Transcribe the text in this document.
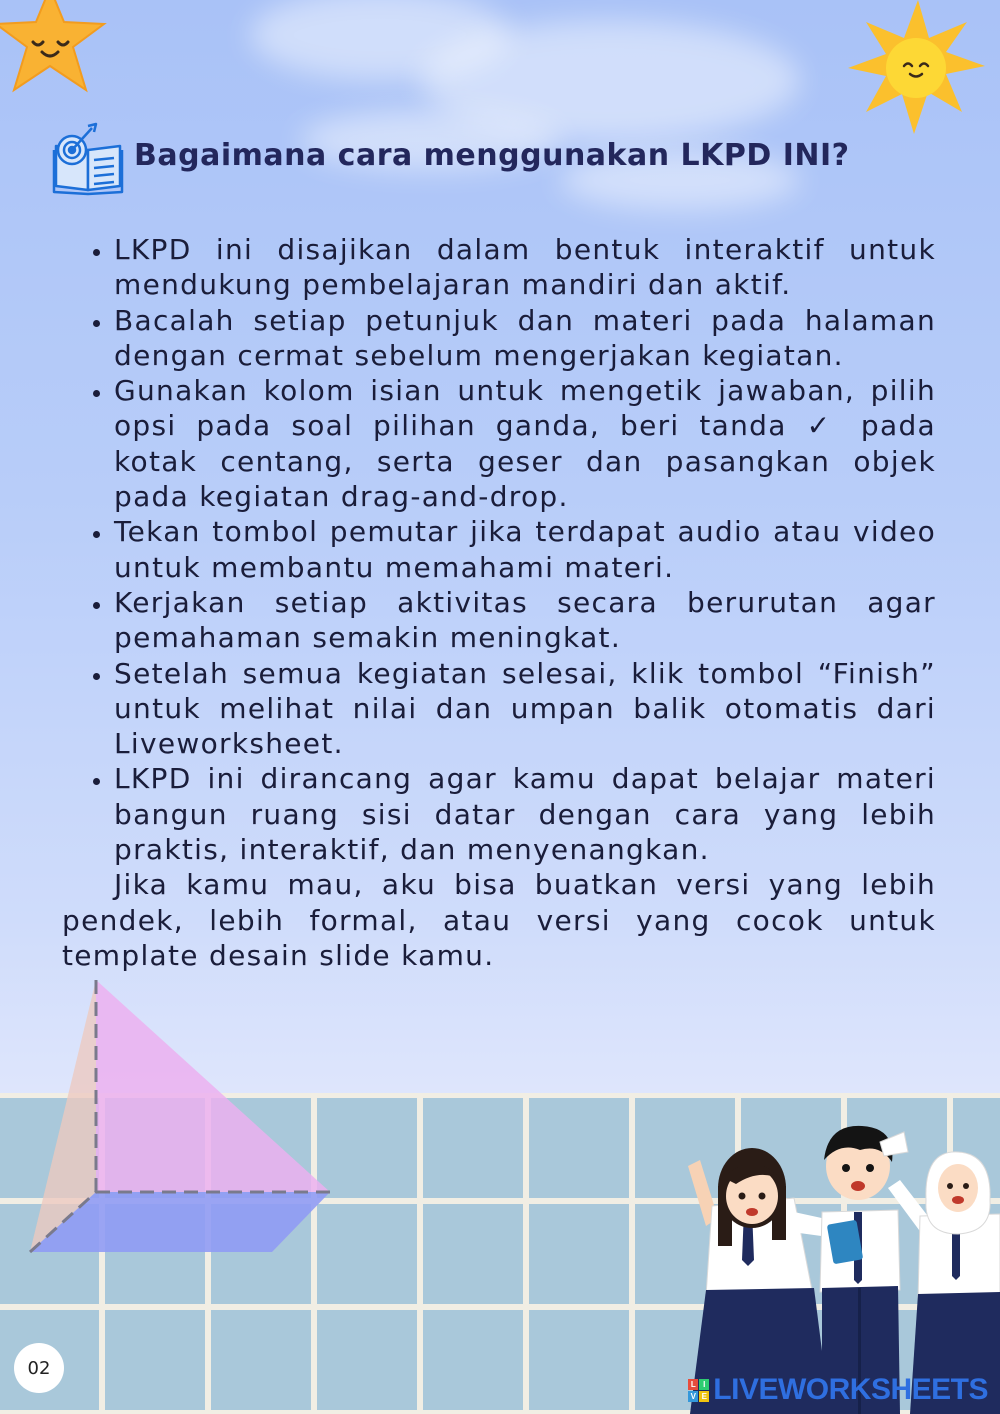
Bagaimana cara menggunakan LKPD INI?
• LKPD ini disajikan dalam bentuk interaktif untuk mendukung pembelajaran mandiri dan aktif.
• Bacalah setiap petunjuk dan materi pada halaman dengan cermat sebelum mengerjakan kegiatan.
• Gunakan kolom isian untuk mengetik jawaban, pilih opsi pada soal pilihan ganda, beri tanda ✓ pada kotak centang, serta geser dan pasangkan objek pada kegiatan drag-and-drop.
• Tekan tombol pemutar jika terdapat audio atau video untuk membantu memahami materi.
• Kerjakan setiap aktivitas secara berurutan agar pemahaman semakin meningkat.
• Setelah semua kegiatan selesai, klik tombol “Finish” untuk melihat nilai dan umpan balik otomatis dari Liveworksheet.
• LKPD ini dirancang agar kamu dapat belajar materi bangun ruang sisi datar dengan cara yang lebih praktis, interaktif, dan menyenangkan.

Jika kamu mau, aku bisa buatkan versi yang lebih pendek, lebih formal, atau versi yang cocok untuk template desain slide kamu.

02
L I
V E LIVEWORKSHEETS
